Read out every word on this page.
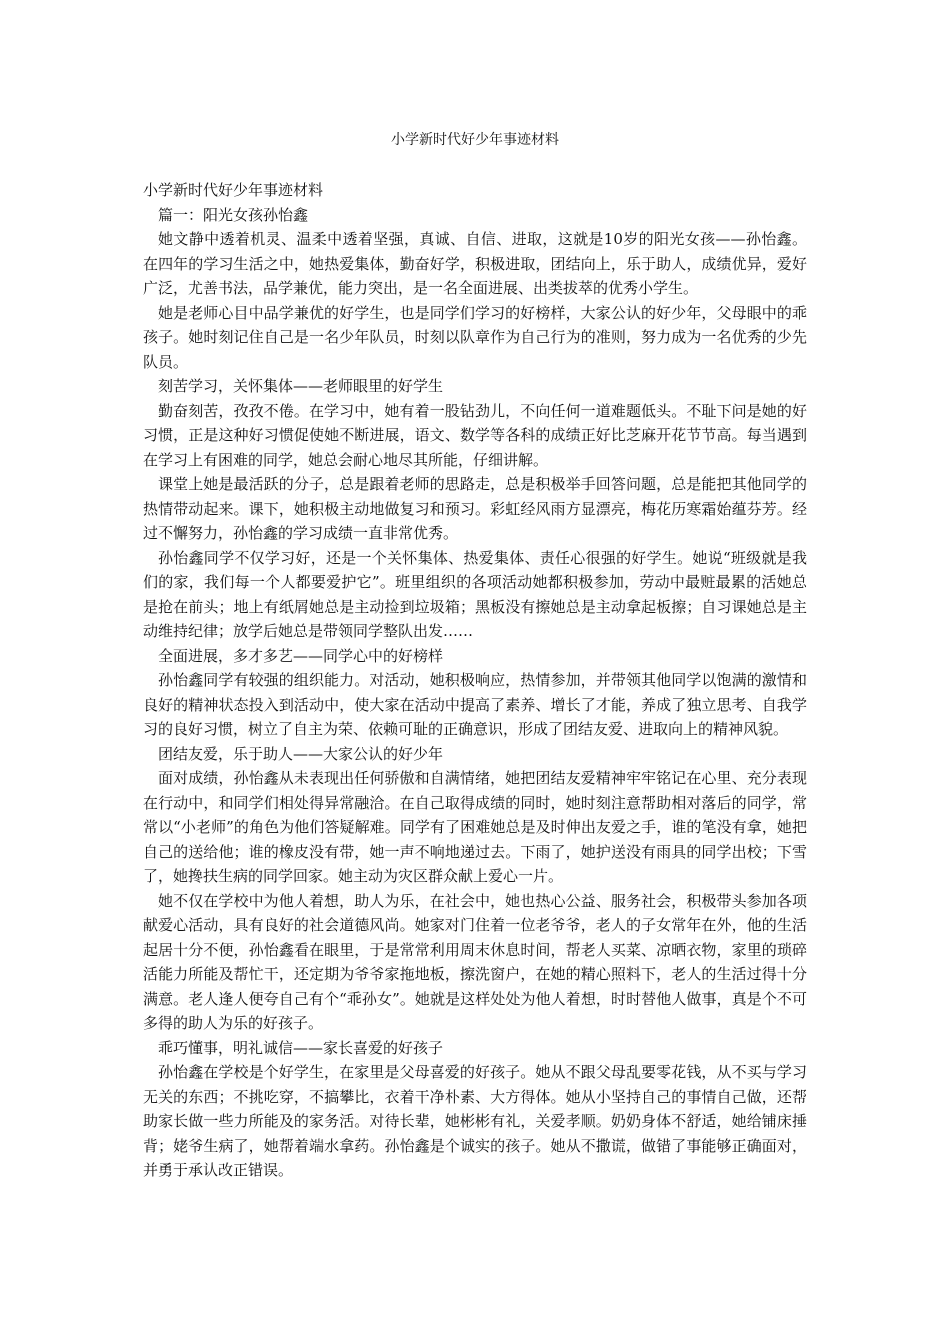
小学新时代好少年事迹材料

小学新时代好少年事迹材料

篇一：阳光女孩孙怡鑫

她文静中透着机灵、温柔中透着坚强，真诚、自信、进取，这就是10岁的阳光女孩——孙怡鑫。在四年的学习生活之中，她热爱集体，勤奋好学，积极进取，团结向上，乐于助人，成绩优异，爱好广泛，尤善书法，品学兼优，能力突出，是一名全面进展、出类拔萃的优秀小学生。

她是老师心目中品学兼优的好学生，也是同学们学习的好榜样，大家公认的好少年，父母眼中的乖孩子。她时刻记住自己是一名少年队员，时刻以队章作为自己行为的准则，努力成为一名优秀的少先队员。

刻苦学习，关怀集体——老师眼里的好学生

勤奋刻苦，孜孜不倦。在学习中，她有着一股钻劲儿，不向任何一道难题低头。不耻下问是她的好习惯，正是这种好习惯促使她不断进展，语文、数学等各科的成绩正好比芝麻开花节节高。每当遇到在学习上有困难的同学，她总会耐心地尽其所能，仔细讲解。

课堂上她是最活跃的分子，总是跟着老师的思路走，总是积极举手回答问题，总是能把其他同学的热情带动起来。课下，她积极主动地做复习和预习。彩虹经风雨方显漂亮，梅花历寒霜始蕴芬芳。经过不懈努力，孙怡鑫的学习成绩一直非常优秀。

孙怡鑫同学不仅学习好，还是一个关怀集体、热爱集体、责任心很强的好学生。她说“班级就是我们的家，我们每一个人都要爱护它”。班里组织的各项活动她都积极参加，劳动中最赃最累的活她总是抢在前头；地上有纸屑她总是主动捡到垃圾箱；黑板没有擦她总是主动拿起板擦；自习课她总是主动维持纪律；放学后她总是带领同学整队出发……

全面进展，多才多艺——同学心中的好榜样

孙怡鑫同学有较强的组织能力。对活动，她积极响应，热情参加，并带领其他同学以饱满的激情和良好的精神状态投入到活动中，使大家在活动中提高了素养、增长了才能，养成了独立思考、自我学习的良好习惯，树立了自主为荣、依赖可耻的正确意识，形成了团结友爱、进取向上的精神风貌。

团结友爱，乐于助人——大家公认的好少年

面对成绩，孙怡鑫从未表现出任何骄傲和自满情绪，她把团结友爱精神牢牢铭记在心里、充分表现在行动中，和同学们相处得异常融洽。在自己取得成绩的同时，她时刻注意帮助相对落后的同学，常常以“小老师”的角色为他们答疑解难。同学有了困难她总是及时伸出友爱之手，谁的笔没有拿，她把自己的送给他；谁的橡皮没有带，她一声不响地递过去。下雨了，她护送没有雨具的同学出校；下雪了，她搀扶生病的同学回家。她主动为灾区群众献上爱心一片。

她不仅在学校中为他人着想，助人为乐，在社会中，她也热心公益、服务社会，积极带头参加各项献爱心活动，具有良好的社会道德风尚。她家对门住着一位老爷爷，老人的子女常年在外，他的生活起居十分不便，孙怡鑫看在眼里，于是常常利用周末休息时间，帮老人买菜、凉晒衣物，家里的琐碎活能力所能及帮忙干，还定期为爷爷家拖地板，擦洗窗户，在她的精心照料下，老人的生活过得十分满意。老人逢人便夸自己有个“乖孙女”。她就是这样处处为他人着想，时时替他人做事，真是个不可多得的助人为乐的好孩子。

乖巧懂事，明礼诚信——家长喜爱的好孩子

孙怡鑫在学校是个好学生，在家里是父母喜爱的好孩子。她从不跟父母乱要零花钱，从不买与学习无关的东西；不挑吃穿，不搞攀比，衣着干净朴素、大方得体。她从小坚持自己的事情自己做，还帮助家长做一些力所能及的家务活。对待长辈，她彬彬有礼，关爱孝顺。奶奶身体不舒适，她给铺床捶背；姥爷生病了，她帮着端水拿药。孙怡鑫是个诚实的孩子。她从不撒谎，做错了事能够正确面对，并勇于承认改正错误。
